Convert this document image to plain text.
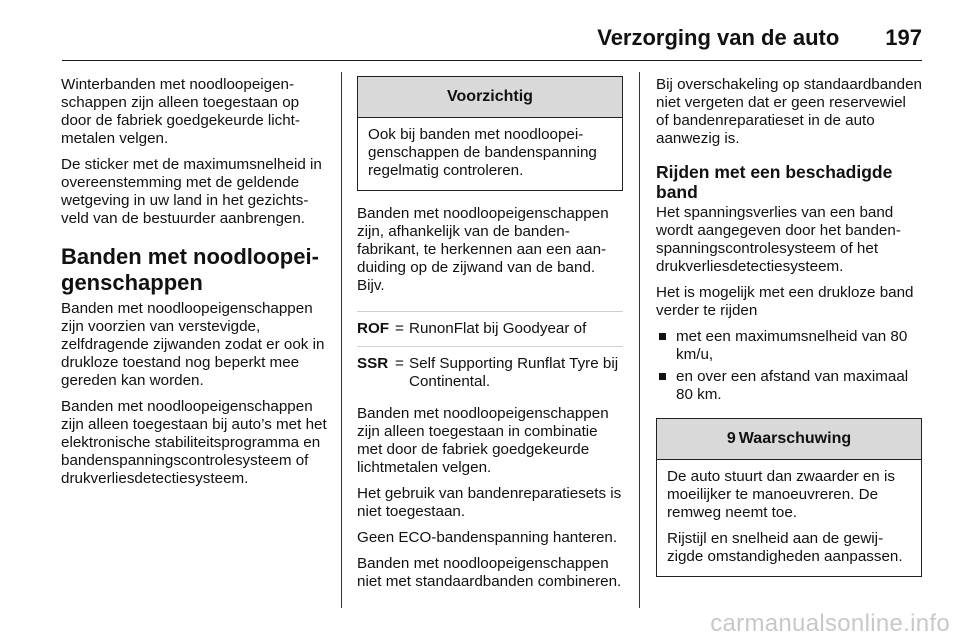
Verzorging van de auto 197

Winterbanden met noodloopeigenschappen zijn alleen toegestaan op door de fabriek goedgekeurde lichtmetalen velgen.

De sticker met de maximumsnelheid in overeenstemming met de geldende wetgeving in uw land in het gezichtsveld van de bestuurder aanbrengen.

Banden met noodloopeigenschappen

Banden met noodloopeigenschappen zijn voorzien van verstevigde, zelfdragende zijwanden zodat er ook in drukloze toestand nog beperkt mee gereden kan worden.

Banden met noodloopeigenschappen zijn alleen toegestaan bij auto’s met het elektronische stabiliteitsprogramma en bandenspanningscontrolesysteem of drukverliesdetectiesysteem.

Voorzichtig

Ook bij banden met noodloopeigenschappen de bandenspanning regelmatig controleren.

Banden met noodloopeigenschappen zijn, afhankelijk van de bandenfabrikant, te herkennen aan een aanduiding op de zijwand van de band. Bijv.

ROF = RunonFlat bij Goodyear of
SSR = Self Supporting Runflat Tyre bij Continental.

Banden met noodloopeigenschappen zijn alleen toegestaan in combinatie met door de fabriek goedgekeurde lichtmetalen velgen.

Het gebruik van bandenreparatiesets is niet toegestaan.

Geen ECO-bandenspanning hanteren.

Banden met noodloopeigenschappen niet met standaardbanden combineren.

Bij overschakeling op standaardbanden niet vergeten dat er geen reservewiel of bandenreparatieset in de auto aanwezig is.

Rijden met een beschadigde band

Het spanningsverlies van een band wordt aangegeven door het bandenspanningscontrolesysteem of het drukverliesdetectiesysteem.

Het is mogelijk met een drukloze band verder te rijden

met een maximumsnelheid van 80 km/u,
en over een afstand van maximaal 80 km.
9 Waarschuwing

De auto stuurt dan zwaarder en is moeilijker te manoeuvreren. De remweg neemt toe.

Rijstijl en snelheid aan de gewijzigde omstandigheden aanpassen.

carmanualsonline.info
